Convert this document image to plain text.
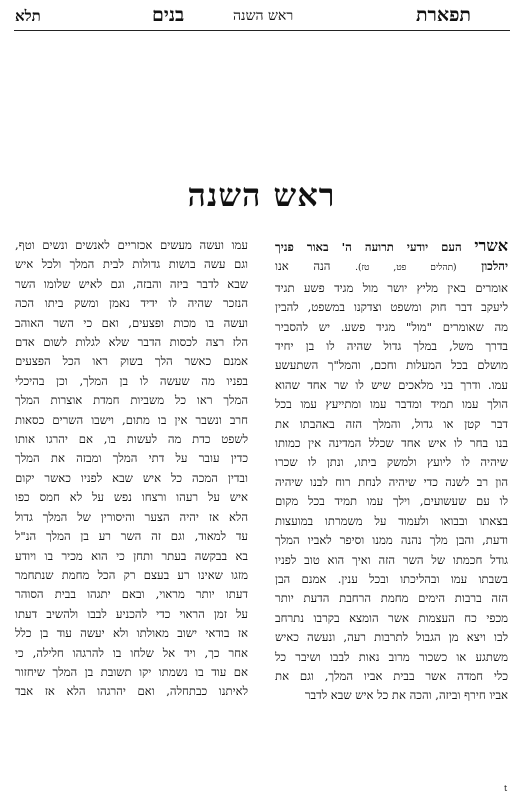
תפארת
ראש השנה
בנים
תלא
ראש השנה
אשרי העם יודעי תרועה ה' באור פניך
יהלכון (תהלים פט, טז). הנה אנו
אומרים באין מליץ יושר מול מגיד פשע תגיד
ליעקב דבר חוק ומשפט וצדקנו במשפט, להבין
מה שאומרים "מול" מגיד פשע. יש להסביר
בדרך משל, במלך גדול שהיה לו בן יחיד
מושלם בכל המעלות וחכם, והמל"ך השתעשע
עמו. ודרך בני מלאכים שיש לו שר אחד שהוא
הולך עמו תמיד ומדבר עמו ומתייעץ עמו בכל
דבר קטן או גדול, והמלך הזה באהבתו את
בנו בחר לו איש אחד שכלל המדינה אין כמותו
שיהיה לו ליועץ ולמשק ביתו, ונתן לו שכרו
הון רב לשנה כדי שיהיה לנחת רוח לבנו שיהיה
לו עם שעשועים, וילך עמו תמיד בכל מקום
בצאתו ובבואו ולעמוד על משמרתו במועצות
ודעת, והבן מלך נהנה ממנו וסיפר לאביו המלך
גודל חכמתו של השר הזה ואיך הוא טוב לפניו
בשבתו עמו ובהליכתו ובכל ענין. אמנם הבן
הזה ברבות הימים מחמת הרחבת הדעת יותר
מכפי כח העצמות אשר הומצא בקרבו נתרחב
לבו ויצא מן הגבול לתרבות רעה, ונעשה כאיש
משתגע או כשכור מרוב נאות לבבו ושיבר כל
כלי חמדה אשר בבית אביו המלך, וגם את
אביו חירף וביזה, והכה את כל איש שבא לדבר
עמו ועשה מעשים אכזריים לאנשים ונשים וטף,
וגם עשה בושות גדולות לבית המלך ולכל איש
שבא לדבר ביזה והבזה, וגם לאיש שלומו השר
הנזכר שהיה לו ידיד נאמן ומשק ביתו הכה
ועשה בו מכות ופצעים, ואם כי השר האוהב
הלז רצה לכסות הדבר שלא לגלות לשום אדם
אמנם כאשר הלך בשוק ראו הכל הפצעים
בפניו מה שעשה לו בן המלך, וכן בהיכלי
המלך ראו כל משביות חמדת אוצרות המלך
חרב ונשבר אין בו מתום, וישבו השרים כסאות
לשפט כדת מה לעשות בו, אם יהרגו אותו
כדין עובר על דתי המלך ומבזה את המלך
ובדין המכה כל איש שבא לפניו כאשר יקום
איש על רעהו ורצחו נפש על לא חמס כפו
הלא אז יהיה הצער והיסורין של המלך גדול
עד למאוד, וגם זה השר רע בן המלך הנ"ל
בא בבקשה בעתר ותחן כי הוא מכיר בו ויודע
מזגו שאינו רע בעצם רק הכל מחמת שנתחמר
דעתו יותר מראוי, ובאם יתגהו בבית הסוהר
על זמן הראוי כדי להכניע לבבו ולהשיב דעתו
אז בודאי ישוב מאולתו ולא יעשה עוד בן כלל
אחר כך, ויד אל שלחו בו להרגהו חלילה, כי
אם עוד בו נשמתו יקו תשובת בן המלך שיחזור
לאיתנו כבתחלה, ואם יהרגהו הלא אז אבד
t
